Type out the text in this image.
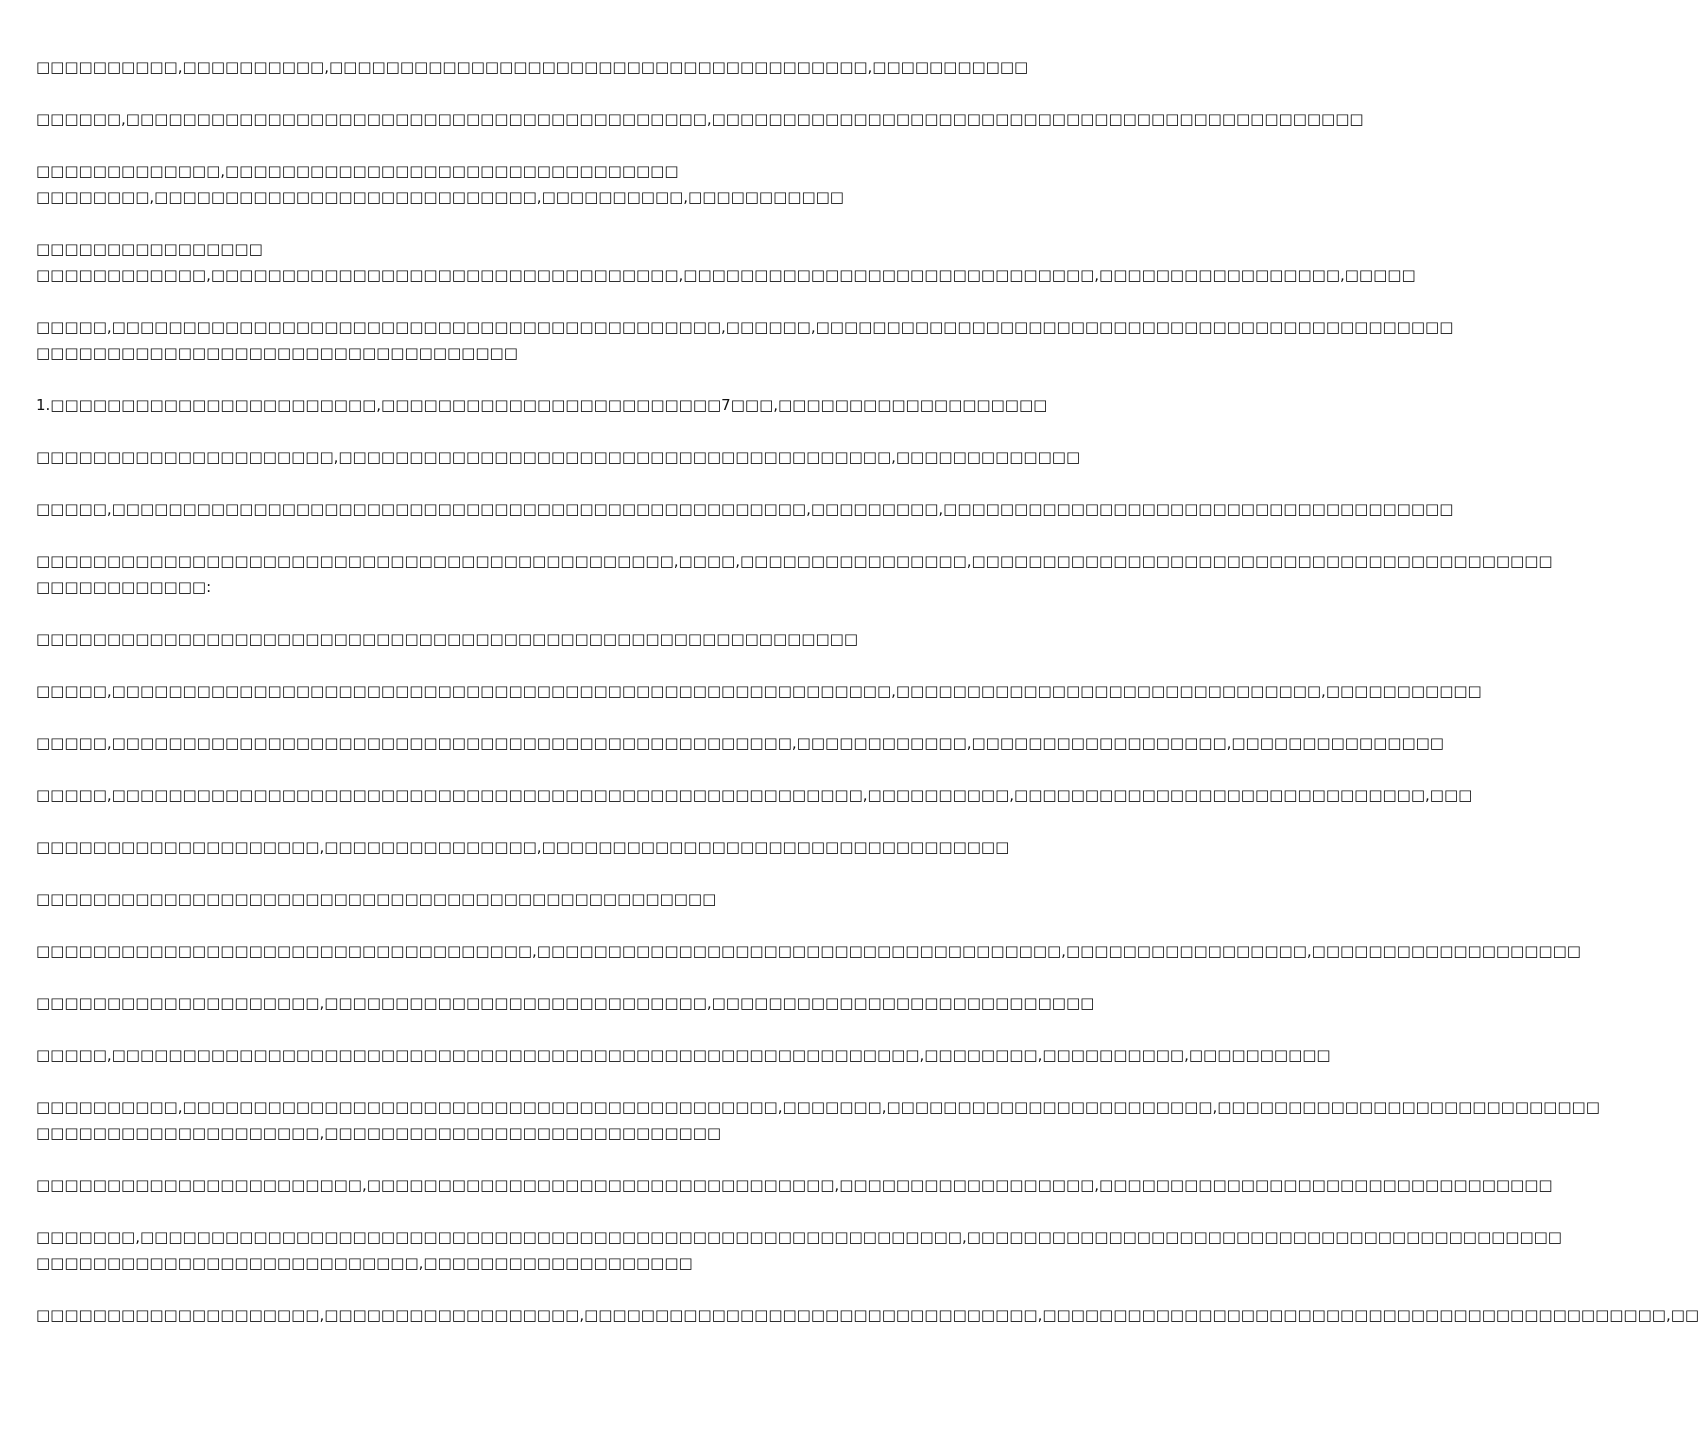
□□□□□□□□□□,□□□□□□□□□□,□□□□□□□□□□□□□□□□□□□□□□□□□□□□□□□□□□□□□□,□□□□□□□□□□□
□□□□□□,□□□□□□□□□□□□□□□□□□□□□□□□□□□□□□□□□□□□□□□□□,□□□□□□□□□□□□□□□□□□□□□□□□□□□□□□□□□□□□□□□□□□□□□□
□□□□□□□□□□□□□,□□□□□□□□□□□□□□□□□□□□□□□□□□□□□□□□
□□□□□□□□,□□□□□□□□□□□□□□□□□□□□□□□□□□□,□□□□□□□□□□,□□□□□□□□□□□
□□□□□□□□□□□□□□□□
□□□□□□□□□□□□,□□□□□□□□□□□□□□□□□□□□□□□□□□□□□□□□□,□□□□□□□□□□□□□□□□□□□□□□□□□□□□□,□□□□□□□□□□□□□□□□□,□□□□□
□□□□□,□□□□□□□□□□□□□□□□□□□□□□□□□□□□□□□□□□□□□□□□□□□,□□□□□□,□□□□□□□□□□□□□□□□□□□□□□□□□□□□□□□□□□□□□□□□□□□□□
□□□□□□□□□□□□□□□□□□□□□□□□□□□□□□□□□□
1.□□□□□□□□□□□□□□□□□□□□□□□,□□□□□□□□□□□□□□□□□□□□□□□□7□□□,□□□□□□□□□□□□□□□□□□□
□□□□□□□□□□□□□□□□□□□□□,□□□□□□□□□□□□□□□□□□□□□□□□□□□□□□□□□□□□□□□,□□□□□□□□□□□□□
□□□□□,□□□□□□□□□□□□□□□□□□□□□□□□□□□□□□□□□□□□□□□□□□□□□□□□□,□□□□□□□□□,□□□□□□□□□□□□□□□□□□□□□□□□□□□□□□□□□□□□
□□□□□□□□□□□□□□□□□□□□□□□□□□□□□□□□□□□□□□□□□□□□□,□□□□,□□□□□□□□□□□□□□□□,□□□□□□□□□□□□□□□□□□□□□□□□□□□□□□□□□□□□□□□□□
□□□□□□□□□□□□:
□□□□□□□□□□□□□□□□□□□□□□□□□□□□□□□□□□□□□□□□□□□□□□□□□□□□□□□□□□
□□□□□,□□□□□□□□□□□□□□□□□□□□□□□□□□□□□□□□□□□□□□□□□□□□□□□□□□□□□□□,□□□□□□□□□□□□□□□□□□□□□□□□□□□□□□,□□□□□□□□□□□
□□□□□,□□□□□□□□□□□□□□□□□□□□□□□□□□□□□□□□□□□□□□□□□□□□□□□□,□□□□□□□□□□□□,□□□□□□□□□□□□□□□□□□,□□□□□□□□□□□□□□□
□□□□□,□□□□□□□□□□□□□□□□□□□□□□□□□□□□□□□□□□□□□□□□□□□□□□□□□□□□□,□□□□□□□□□□,□□□□□□□□□□□□□□□□□□□□□□□□□□□□□,□□□
□□□□□□□□□□□□□□□□□□□□,□□□□□□□□□□□□□□□,□□□□□□□□□□□□□□□□□□□□□□□□□□□□□□□□□
□□□□□□□□□□□□□□□□□□□□□□□□□□□□□□□□□□□□□□□□□□□□□□□□
□□□□□□□□□□□□□□□□□□□□□□□□□□□□□□□□□□□,□□□□□□□□□□□□□□□□□□□□□□□□□□□□□□□□□□□□□,□□□□□□□□□□□□□□□□□,□□□□□□□□□□□□□□□□□□□
□□□□□□□□□□□□□□□□□□□□,□□□□□□□□□□□□□□□□□□□□□□□□□□□,□□□□□□□□□□□□□□□□□□□□□□□□□□□
□□□□□,□□□□□□□□□□□□□□□□□□□□□□□□□□□□□□□□□□□□□□□□□□□□□□□□□□□□□□□□□,□□□□□□□□,□□□□□□□□□□,□□□□□□□□□□
□□□□□□□□□□,□□□□□□□□□□□□□□□□□□□□□□□□□□□□□□□□□□□□□□□□□□,□□□□□□□,□□□□□□□□□□□□□□□□□□□□□□□,□□□□□□□□□□□□□□□□□□□□□□□□□□□
□□□□□□□□□□□□□□□□□□□□,□□□□□□□□□□□□□□□□□□□□□□□□□□□□
□□□□□□□□□□□□□□□□□□□□□□□,□□□□□□□□□□□□□□□□□□□□□□□□□□□□□□□□□,□□□□□□□□□□□□□□□□□□,□□□□□□□□□□□□□□□□□□□□□□□□□□□□□□□□
□□□□□□□,□□□□□□□□□□□□□□□□□□□□□□□□□□□□□□□□□□□□□□□□□□□□□□□□□□□□□□□□□□,□□□□□□□□□□□□□□□□□□□□□□□□□□□□□□□□□□□□□□□□□□
□□□□□□□□□□□□□□□□□□□□□□□□□□□,□□□□□□□□□□□□□□□□□□□
□□□□□□□□□□□□□□□□□□□□,□□□□□□□□□□□□□□□□□□,□□□□□□□□□□□□□□□□□□□□□□□□□□□□□□□□,□□□□□□□□□□□□□□□□□□□□□□□□□□□□□□□□□□□□□□□□□□□□,□□
